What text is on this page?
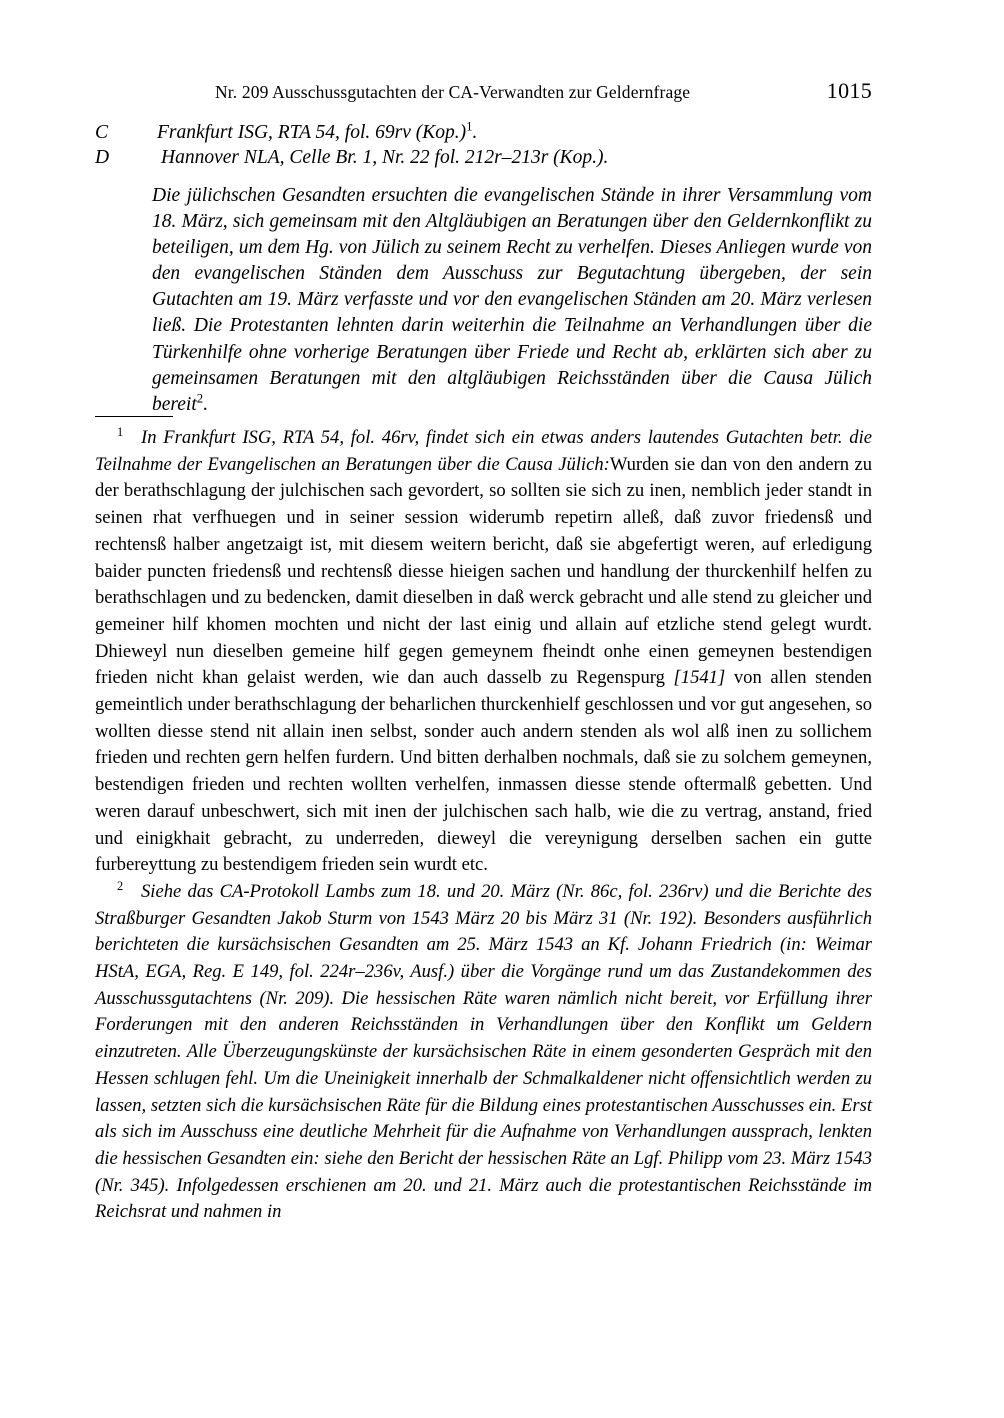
Nr. 209 Ausschussgutachten der CA-Verwandten zur Geldernfrage	1015
C	Frankfurt ISG, RTA 54, fol. 69rv (Kop.)$^1$.
D	Hannover NLA, Celle Br. 1, Nr. 22 fol. 212r–213r (Kop.).
Die jülichschen Gesandten ersuchten die evangelischen Stände in ihrer Versammlung vom 18. März, sich gemeinsam mit den Altgläubigen an Beratungen über den Geldernkonflikt zu beteiligen, um dem Hg. von Jülich zu seinem Recht zu verhelfen. Dieses Anliegen wurde von den evangelischen Ständen dem Ausschuss zur Begutachtung übergeben, der sein Gutachten am 19. März verfasste und vor den evangelischen Ständen am 20. März verlesen ließ. Die Protestanten lehnten darin weiterhin die Teilnahme an Verhandlungen über die Türkenhilfe ohne vorherige Beratungen über Friede und Recht ab, erklärten sich aber zu gemeinsamen Beratungen mit den altgläubigen Reichsständen über die Causa Jülich bereit$^2$.

1 In Frankfurt ISG, RTA 54, fol. 46rv, findet sich ein etwas anders lautendes Gutachten betr. die Teilnahme der Evangelischen an Beratungen über die Causa Jülich:Wurden sie dan von den andern zu der berathschlagung der julchischen sach gevordert, so sollten sie sich zu inen, nemblich jeder standt in seinen rhat verfhuegen und in seiner session widerumb repetirn alleß, daß zuvor friedensß und rechtensß halber angetzaigt ist, mit diesem weitern bericht, daß sie abgefertigt weren, auf erledigung baider puncten friedensß und rechtensß diesse hieigen sachen und handlung der thurckenhilf helfen zu berathschlagen und zu bedencken, damit dieselben in daß werck gebracht und alle stend zu gleicher und gemeiner hilf khomen mochten und nicht der last einig und allain auf etzliche stend gelegt wurdt. Dhieweyl nun dieselben gemeine hilf gegen gemeynem fheindt onhe einen gemeynen bestendigen frieden nicht khan gelaist werden, wie dan auch dasselb zu Regenspurg [1541] von allen stenden gemeintlich under berathschlagung der beharlichen thurckenhielf geschlossen und vor gut angesehen, so wollten diesse stend nit allain inen selbst, sonder auch andern stenden als wol alß inen zu sollichem frieden und rechten gern helfen furdern. Und bitten derhalben nochmals, daß sie zu solchem gemeynen, bestendigen frieden und rechten wollten verhelfen, inmassen diesse stende oftermalß gebetten. Und weren darauf unbeschwert, sich mit inen der julchischen sach halb, wie die zu vertrag, anstand, fried und einigkhait gebracht, zu underreden, dieweyl die vereynigung derselben sachen ein gutte furbereyttung zu bestendigem frieden sein wurdt etc.

2 Siehe das CA-Protokoll Lambs zum 18. und 20. März (Nr. 86c, fol. 236rv) und die Berichte des Straßburger Gesandten Jakob Sturm von 1543 März 20 bis März 31 (Nr. 192). Besonders ausführlich berichteten die kursächsischen Gesandten am 25. März 1543 an Kf. Johann Friedrich (in: Weimar HStA, EGA, Reg. E 149, fol. 224r–236v, Ausf.) über die Vorgänge rund um das Zustandekommen des Ausschussgutachtens (Nr. 209). Die hessischen Räte waren nämlich nicht bereit, vor Erfüllung ihrer Forderungen mit den anderen Reichsständen in Verhandlungen über den Konflikt um Geldern einzutreten. Alle Überzeugungskünste der kursächsischen Räte in einem gesonderten Gespräch mit den Hessen schlugen fehl. Um die Uneinigkeit innerhalb der Schmalkaldener nicht offensichtlich werden zu lassen, setzten sich die kursächsischen Räte für die Bildung eines protestantischen Ausschusses ein. Erst als sich im Ausschuss eine deutliche Mehrheit für die Aufnahme von Verhandlungen aussprach, lenkten die hessischen Gesandten ein: siehe den Bericht der hessischen Räte an Lgf. Philipp vom 23. März 1543 (Nr. 345). Infolgedessen erschienen am 20. und 21. März auch die protestantischen Reichsstände im Reichsrat und nahmen in
